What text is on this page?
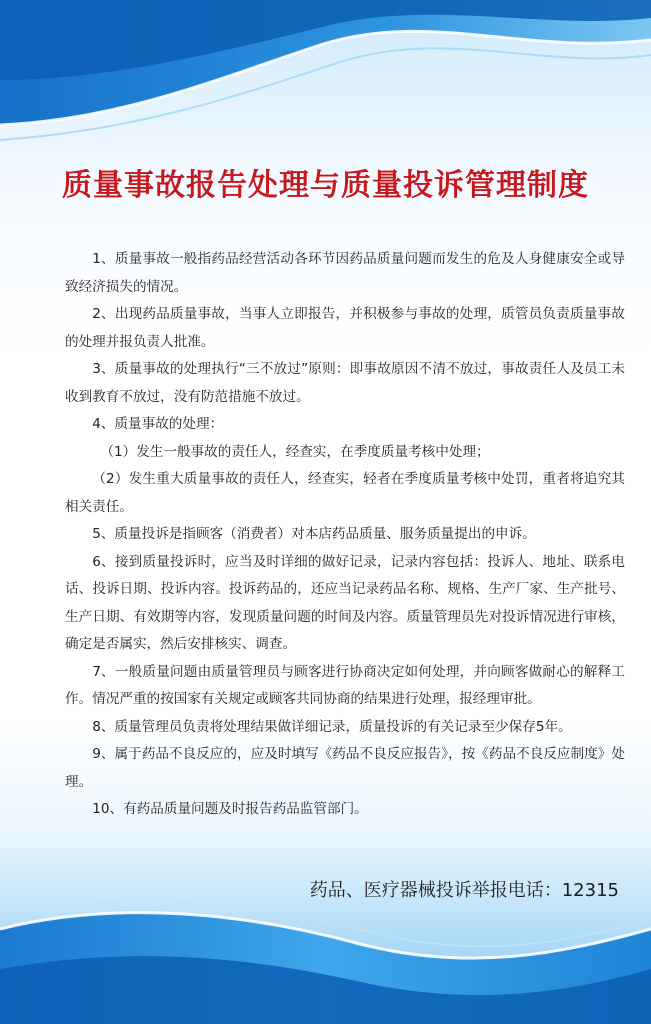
质量事故报告处理与质量投诉管理制度

1、质量事故一般指药品经营活动各环节因药品质量问题而发生的危及人身健康安全或导致经济损失的情况。

2、出现药品质量事故，当事人立即报告，并积极参与事故的处理，质管员负责质量事故的处理并报负责人批准。

3、质量事故的处理执行“三不放过”原则：即事故原因不清不放过，事故责任人及员工未收到教育不放过，没有防范措施不放过。

4、质量事故的处理：

（1）发生一般事故的责任人，经查实，在季度质量考核中处理；

（2）发生重大质量事故的责任人，经查实，轻者在季度质量考核中处罚，重者将追究其相关责任。

5、质量投诉是指顾客（消费者）对本店药品质量、服务质量提出的申诉。

6、接到质量投诉时，应当及时详细的做好记录，记录内容包括：投诉人、地址、联系电话、投诉日期、投诉内容。投诉药品的，还应当记录药品名称、规格、生产厂家、生产批号、生产日期、有效期等内容，发现质量问题的时间及内容。质量管理员先对投诉情况进行审核，确定是否属实，然后安排核实、调查。

7、一般质量问题由质量管理员与顾客进行协商决定如何处理，并向顾客做耐心的解释工作。情况严重的按国家有关规定或顾客共同协商的结果进行处理，报经理审批。

8、质量管理员负责将处理结果做详细记录，质量投诉的有关记录至少保存5年。

9、属于药品不良反应的，应及时填写《药品不良反应报告》，按《药品不良反应制度》处理。

10、有药品质量问题及时报告药品监管部门。

药品、医疗器械投诉举报电话：12315
